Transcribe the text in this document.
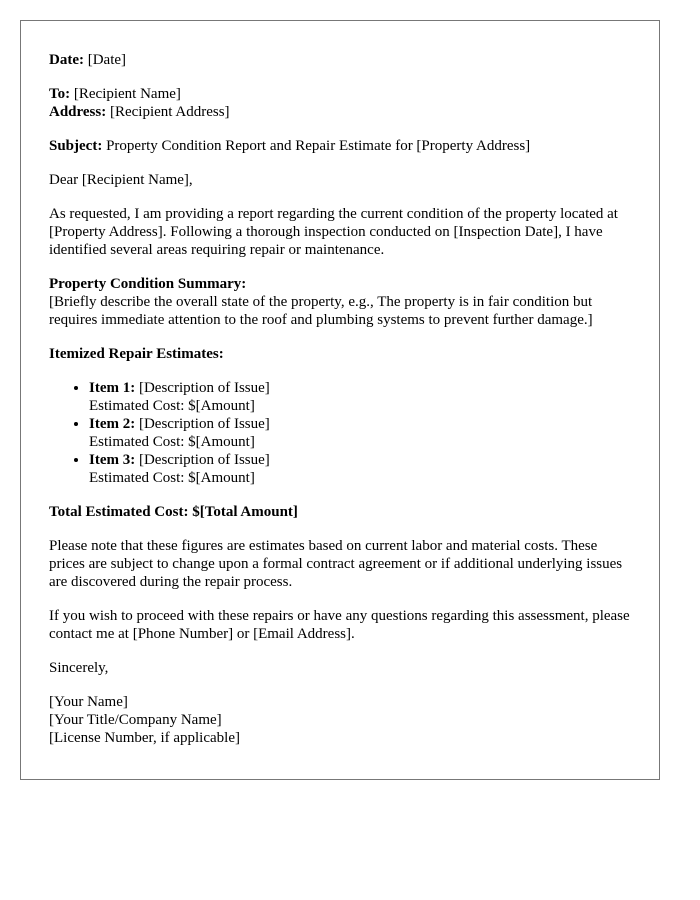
Date: [Date]

To: [Recipient Name]
Address: [Recipient Address]

Subject: Property Condition Report and Repair Estimate for [Property Address]

Dear [Recipient Name],

As requested, I am providing a report regarding the current condition of the property located at [Property Address]. Following a thorough inspection conducted on [Inspection Date], I have identified several areas requiring repair or maintenance.

Property Condition Summary:
[Briefly describe the overall state of the property, e.g., The property is in fair condition but requires immediate attention to the roof and plumbing systems to prevent further damage.]

Itemized Repair Estimates:

• Item 1: [Description of Issue]
Estimated Cost: $[Amount]
• Item 2: [Description of Issue]
Estimated Cost: $[Amount]
• Item 3: [Description of Issue]
Estimated Cost: $[Amount]

Total Estimated Cost: $[Total Amount]

Please note that these figures are estimates based on current labor and material costs. These prices are subject to change upon a formal contract agreement or if additional underlying issues are discovered during the repair process.

If you wish to proceed with these repairs or have any questions regarding this assessment, please contact me at [Phone Number] or [Email Address].

Sincerely,

[Your Name]
[Your Title/Company Name]
[License Number, if applicable]
